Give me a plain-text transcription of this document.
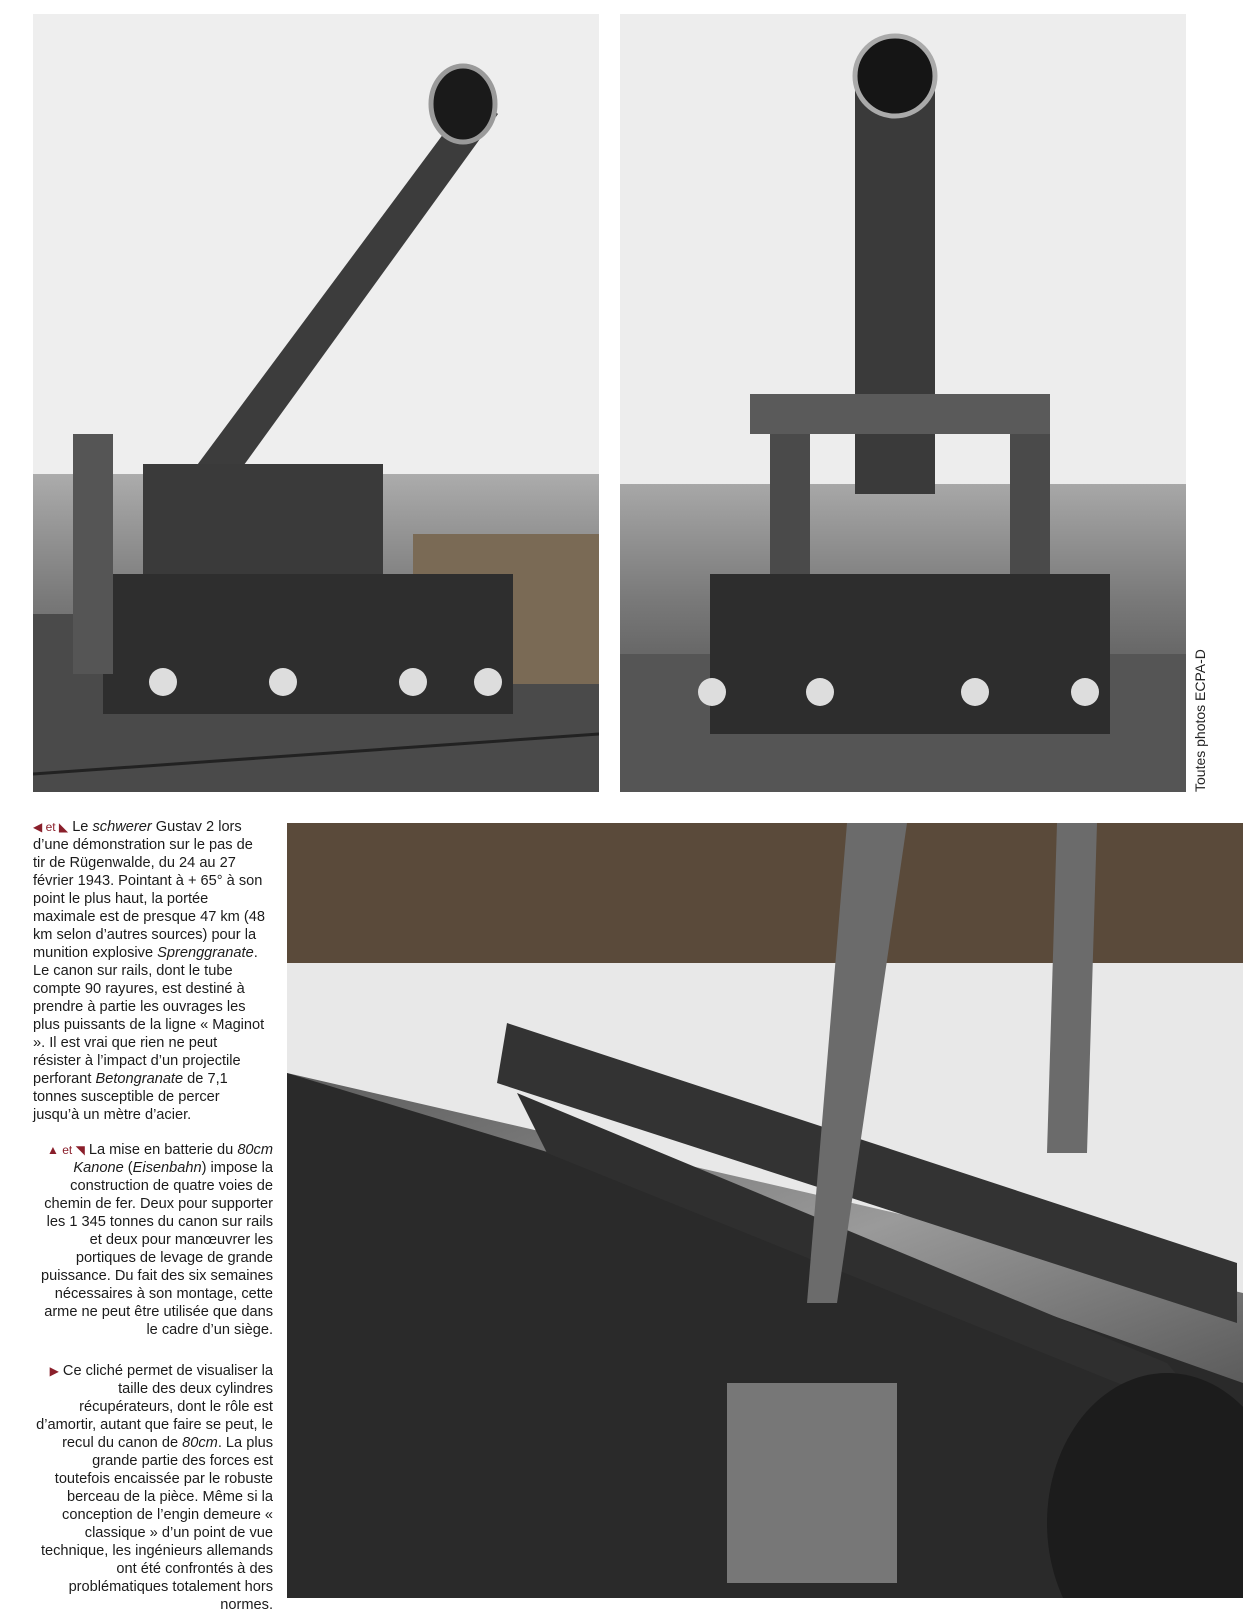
Toutes photos ECPA-D

◀ et ◣ Le schwerer Gustav 2 lors d’une démonstration sur le pas de tir de Rügenwalde, du 24 au 27 février 1943. Pointant à + 65° à son point le plus haut, la portée maximale est de presque 47 km (48 km selon d’autres sources) pour la munition explosive Sprenggranate. Le canon sur rails, dont le tube compte 90 rayures, est destiné à prendre à partie les ouvrages les plus puissants de la ligne « Maginot ». Il est vrai que rien ne peut résister à l’impact d’un projectile perforant Betongranate de 7,1 tonnes susceptible de percer jusqu’à un mètre d’acier.

▲ et ◥ La mise en batterie du 80cm Kanone (Eisenbahn) impose la construction de quatre voies de chemin de fer. Deux pour supporter les 1 345 tonnes du canon sur rails et deux pour manœuvrer les portiques de levage de grande puissance. Du fait des six semaines nécessaires à son montage, cette arme ne peut être utilisée que dans le cadre d’un siège.

▶ Ce cliché permet de visualiser la taille des deux cylindres récupérateurs, dont le rôle est d’amortir, autant que faire se peut, le recul du canon de 80cm. La plus grande partie des forces est toutefois encaissée par le robuste berceau de la pièce. Même si la conception de l’engin demeure « classique » d’un point de vue technique, les ingénieurs allemands ont été confrontés à des problématiques totalement hors normes.
